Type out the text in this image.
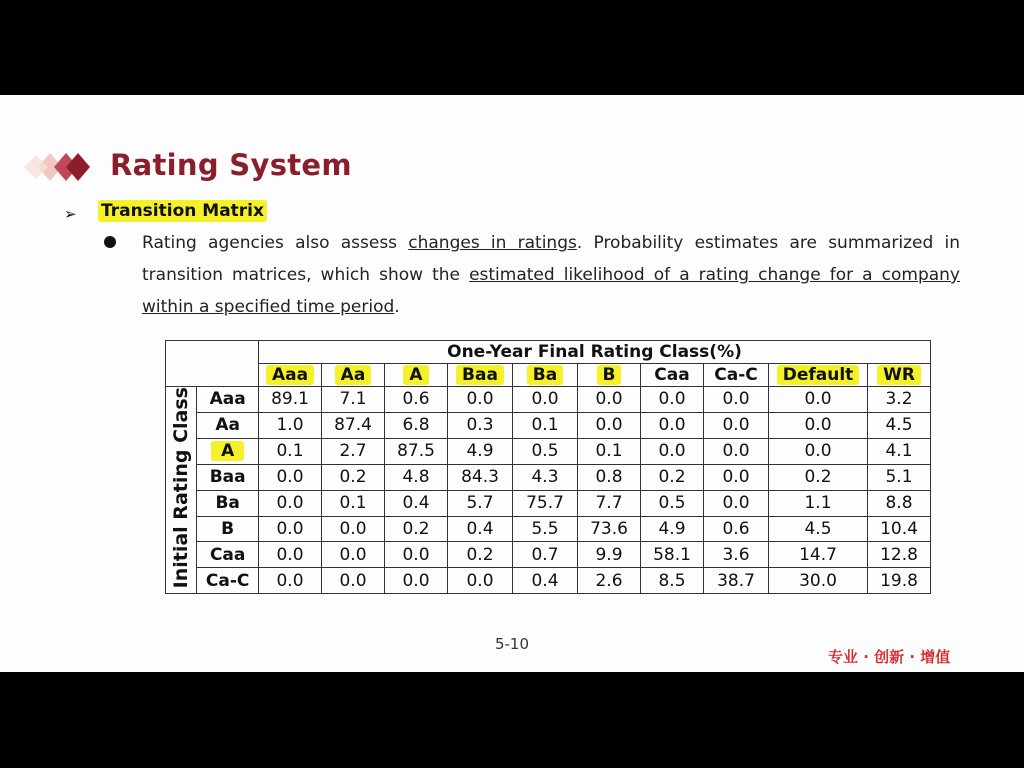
Rating System
➢ Transition Matrix
Rating agencies also assess changes in ratings. Probability estimates are summarized in transition matrices, which show the estimated likelihood of a rating change for a company within a specified time period.
		One-Year Final Rating Class(%)									
		Aaa	Aa	A	Baa	Ba	B	Caa	Ca-C	Default	WR
Initial Rating Class	Aaa	89.1	7.1	0.6	0.0	0.0	0.0	0.0	0.0	0.0	3.2
	Aa	1.0	87.4	6.8	0.3	0.1	0.0	0.0	0.0	0.0	4.5
	A	0.1	2.7	87.5	4.9	0.5	0.1	0.0	0.0	0.0	4.1
	Baa	0.0	0.2	4.8	84.3	4.3	0.8	0.2	0.0	0.2	5.1
	Ba	0.0	0.1	0.4	5.7	75.7	7.7	0.5	0.0	1.1	8.8
	B	0.0	0.0	0.2	0.4	5.5	73.6	4.9	0.6	4.5	10.4
	Caa	0.0	0.0	0.0	0.2	0.7	9.9	58.1	3.6	14.7	12.8
	Ca-C	0.0	0.0	0.0	0.0	0.4	2.6	8.5	38.7	30.0	19.8
5-10
专业 · 创新 · 增值
